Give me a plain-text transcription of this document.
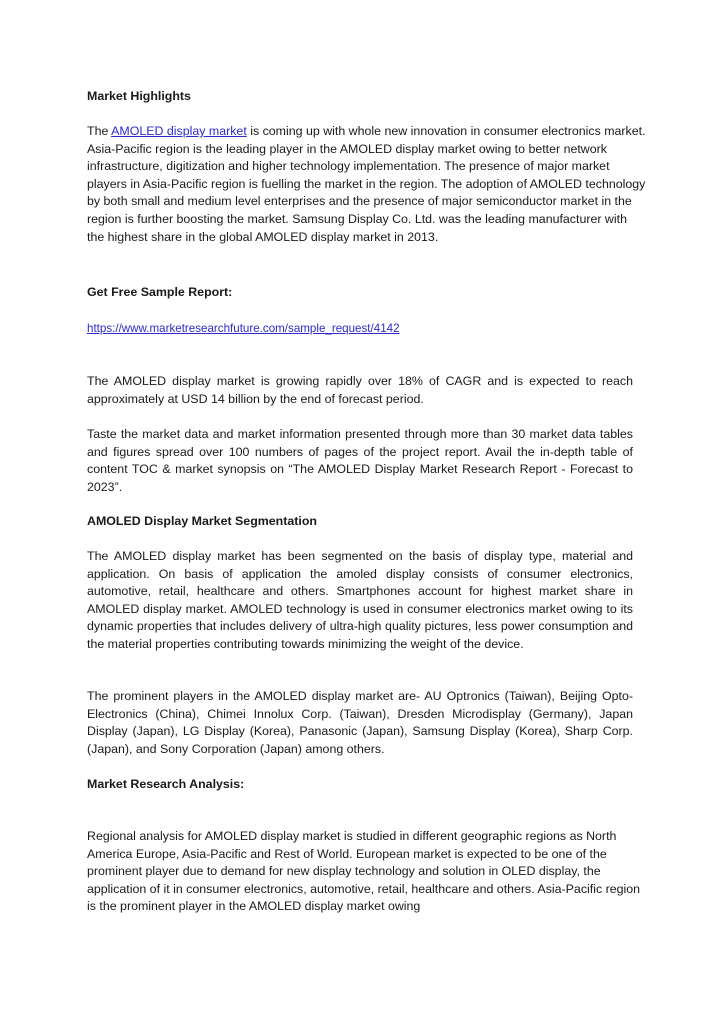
Market Highlights

The AMOLED display market is coming up with whole new innovation in consumer electronics market. Asia-Pacific region is the leading player in the AMOLED display market owing to better network infrastructure, digitization and higher technology implementation. The presence of major market players in Asia-Pacific region is fuelling the market in the region. The adoption of AMOLED technology by both small and medium level enterprises and the presence of major semiconductor market in the region is further boosting the market. Samsung Display Co. Ltd. was the leading manufacturer with the highest share in the global AMOLED display market in 2013.

Get Free Sample Report:

https://www.marketresearchfuture.com/sample_request/4142

The AMOLED display market is growing rapidly over 18% of CAGR and is expected to reach approximately at USD 14 billion by the end of forecast period.

Taste the market data and market information presented through more than 30 market data tables and figures spread over 100 numbers of pages of the project report. Avail the in-depth table of content TOC & market synopsis on “The AMOLED Display Market Research Report - Forecast to 2023”.

AMOLED Display Market Segmentation

The AMOLED display market has been segmented on the basis of display type, material and application. On basis of application the amoled display consists of consumer electronics, automotive, retail, healthcare and others. Smartphones account for highest market share in AMOLED display market. AMOLED technology is used in consumer electronics market owing to its dynamic properties that includes delivery of ultra-high quality pictures, less power consumption and the material properties contributing towards minimizing the weight of the device.

The prominent players in the AMOLED display market are- AU Optronics (Taiwan), Beijing Opto-Electronics (China), Chimei Innolux Corp. (Taiwan), Dresden Microdisplay (Germany), Japan Display (Japan), LG Display (Korea), Panasonic (Japan), Samsung Display (Korea), Sharp Corp. (Japan), and Sony Corporation (Japan) among others.

Market Research Analysis:

Regional analysis for AMOLED display market is studied in different geographic regions as North America Europe, Asia-Pacific and Rest of World. European market is expected to be one of the prominent player due to demand for new display technology and solution in OLED display, the application of it in consumer electronics, automotive, retail, healthcare and others. Asia-Pacific region is the prominent player in the AMOLED display market owing
